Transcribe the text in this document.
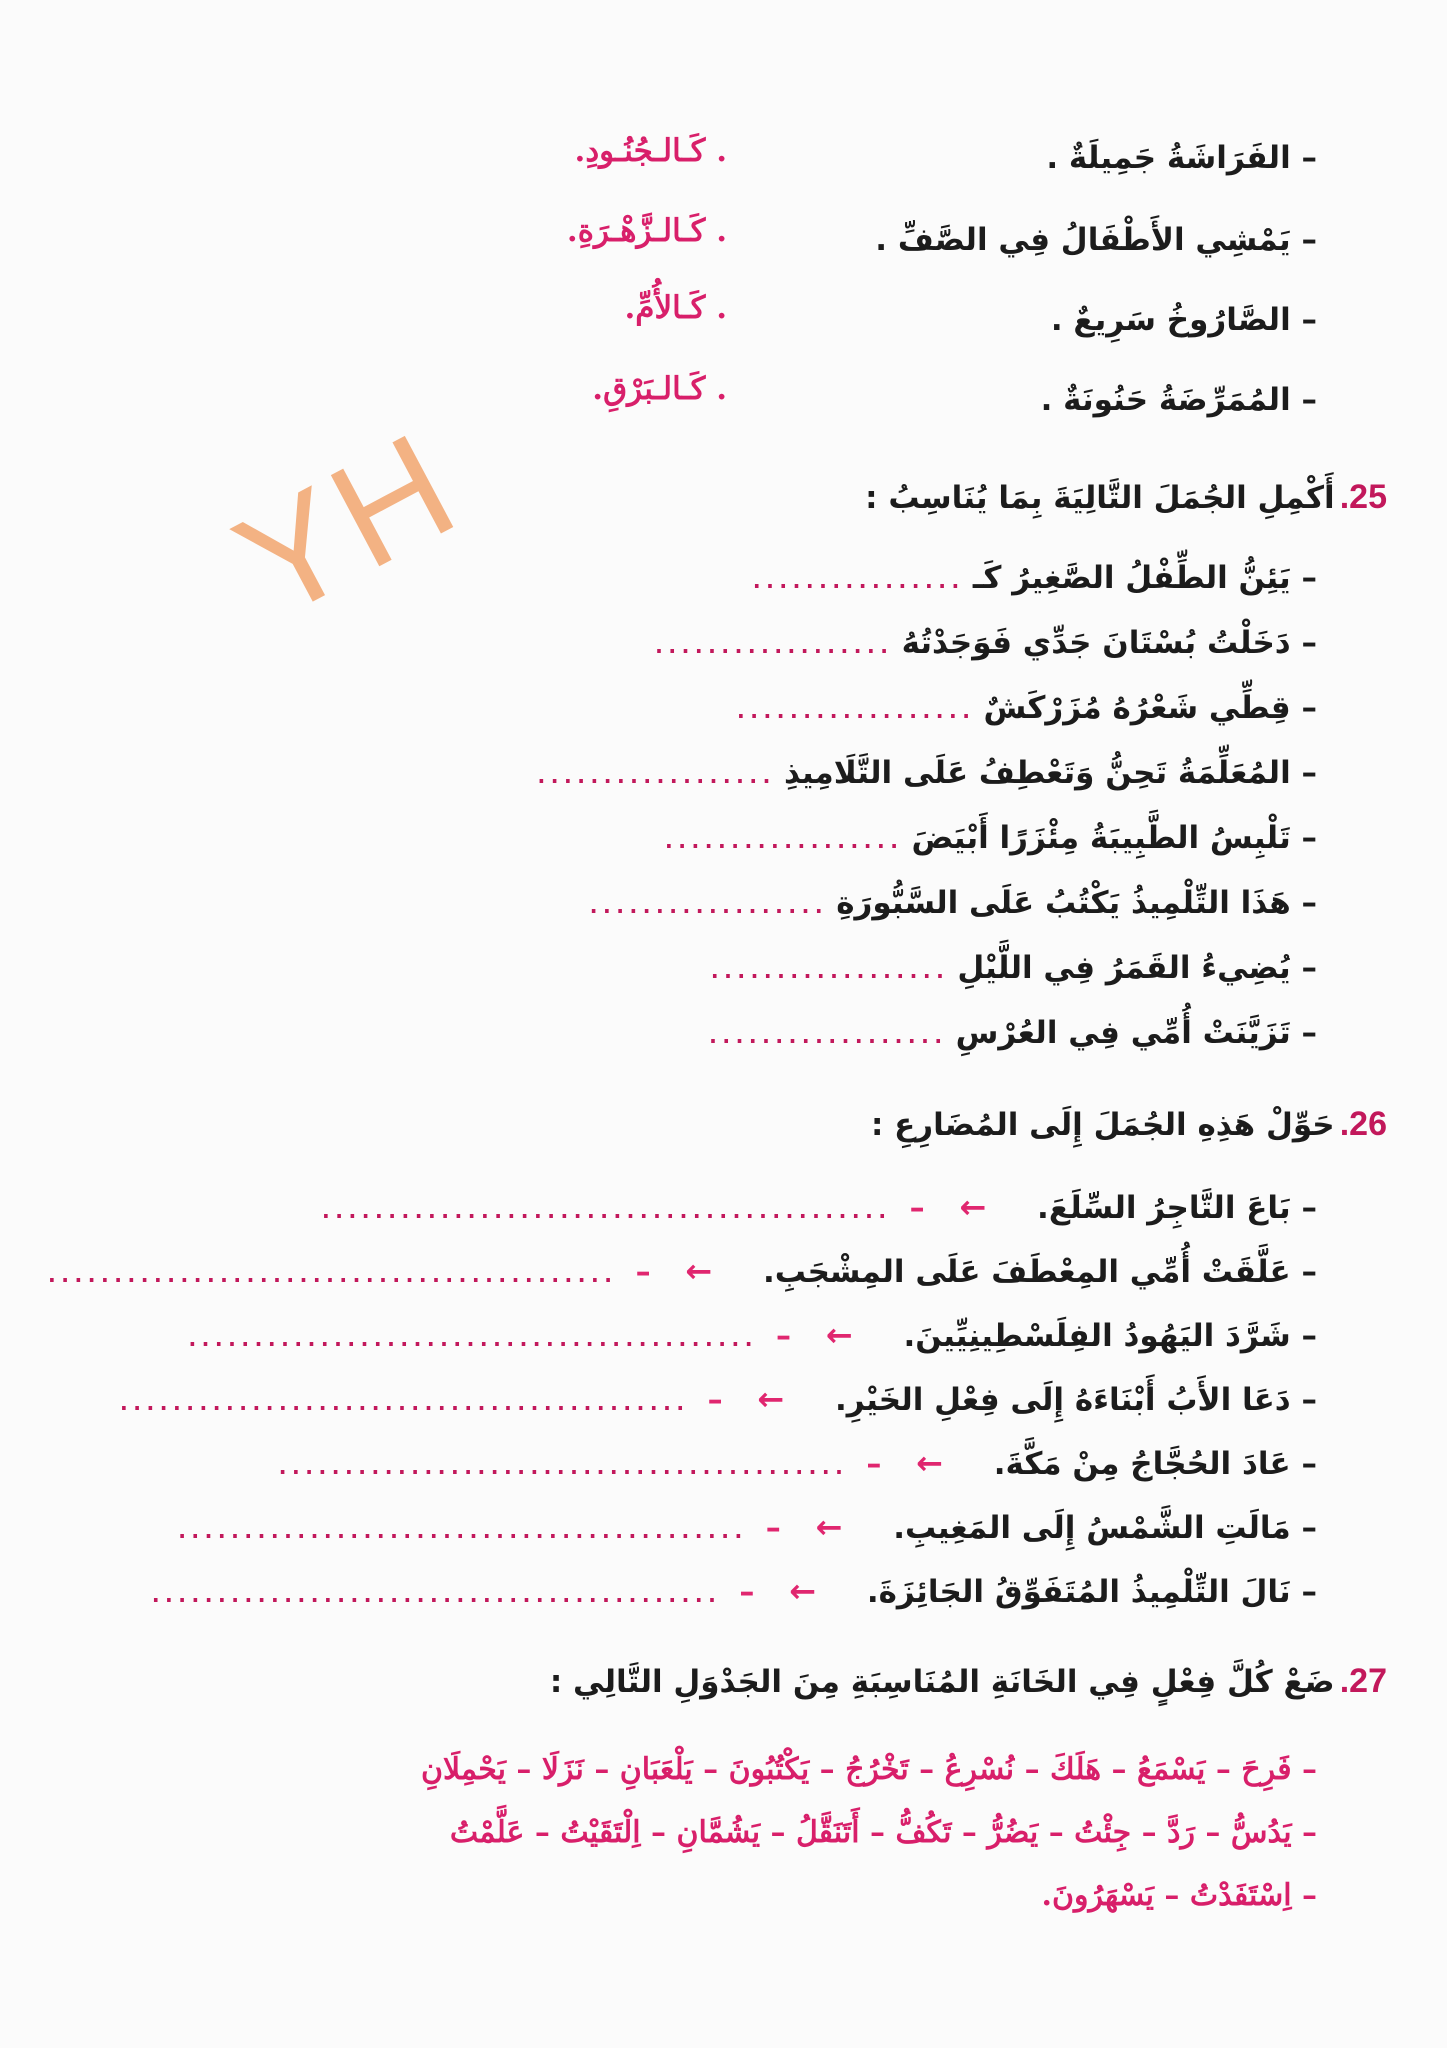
YH
– الفَرَاشَةُ جَمِيلَةٌ .
. كَـالـجُنُـودِ.
– يَمْشِي الأَطْفَالُ فِي الصَّفِّ .
. كَـالـزَّهْـرَةِ.
– الصَّارُوخُ سَرِيعٌ .
. كَـالأُمِّ.
– المُمَرِّضَةُ حَنُونَةٌ .
. كَـالـبَرْقِ.
25. أَكْمِلِ الجُمَلَ التَّالِيَةَ بِمَا يُنَاسِبُ :
– يَئِنُّ الطِّفْلُ الصَّغِيرُ كَـ ................
– دَخَلْتُ بُسْتَانَ جَدِّي فَوَجَدْتُهُ ..................
– قِطِّي شَعْرُهُ مُزَرْكَشٌ ..................
– المُعَلِّمَةُ تَحِنُّ وَتَعْطِفُ عَلَى التَّلَامِيذِ ..................
– تَلْبِسُ الطَّبِيبَةُ مِئْزَرًا أَبْيَضَ ..................
– هَذَا التِّلْمِيذُ يَكْتُبُ عَلَى السَّبُّورَةِ ..................
– يُضِيءُ القَمَرُ فِي اللَّيْلِ ..................
– تَزَيَّنَتْ أُمِّي فِي العُرْسِ ..................
26. حَوِّلْ هَذِهِ الجُمَلَ إِلَى المُضَارِعِ :
– بَاعَ التَّاجِرُ السِّلَعَ. ← – ...........................................
– عَلَّقَتْ أُمِّي المِعْطَفَ عَلَى المِشْجَبِ. ← – ...........................................
– شَرَّدَ اليَهُودُ الفِلَسْطِينِيِّينَ. ← – ...........................................
– دَعَا الأَبُ أَبْنَاءَهُ إِلَى فِعْلِ الخَيْرِ. ← – ...........................................
– عَادَ الحُجَّاجُ مِنْ مَكَّةَ. ← – ...........................................
– مَالَتِ الشَّمْسُ إِلَى المَغِيبِ. ← – ...........................................
– نَالَ التِّلْمِيذُ المُتَفَوِّقُ الجَائِزَةَ. ← – ...........................................
27. ضَعْ كُلَّ فِعْلٍ فِي الخَانَةِ المُنَاسِبَةِ مِنَ الجَدْوَلِ التَّالِي :
– فَرِحَ – يَسْمَعُ – هَلَكَ – نُسْرِعُ – تَخْرُجُ – يَكْتُبُونَ – يَلْعَبَانِ – نَزَلَا – يَحْمِلَانِ
– يَدُسُّ – رَدَّ – جِئْتُ – يَضُرُّ – تَكُفُّ – أَتَنَقَّلُ – يَشُمَّانِ – اِلْتَقَيْتُ – عَلَّمْتُ
– اِسْتَفَدْتُ – يَسْهَرُونَ.
